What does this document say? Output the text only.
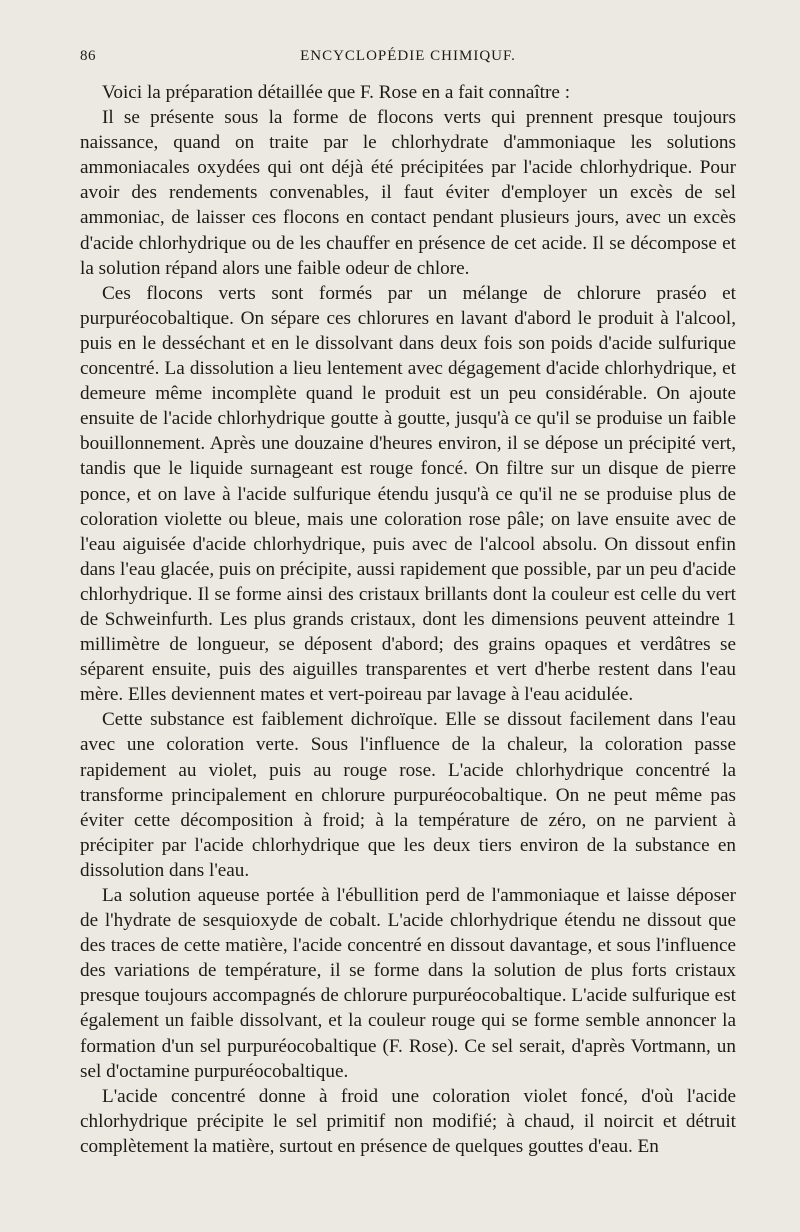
86	ENCYCLOPÉDIE CHIMIQUF.

Voici la préparation détaillée que F. Rose en a fait connaître :

Il se présente sous la forme de flocons verts qui prennent presque toujours naissance, quand on traite par le chlorhydrate d'ammoniaque les solutions ammoniacales oxydées qui ont déjà été précipitées par l'acide chlorhydrique. Pour avoir des rendements convenables, il faut éviter d'employer un excès de sel ammoniac, de laisser ces flocons en contact pendant plusieurs jours, avec un excès d'acide chlorhydrique ou de les chauffer en présence de cet acide. Il se décompose et la solution répand alors une faible odeur de chlore.

Ces flocons verts sont formés par un mélange de chlorure praséo et purpuréocobaltique. On sépare ces chlorures en lavant d'abord le produit à l'alcool, puis en le desséchant et en le dissolvant dans deux fois son poids d'acide sulfurique concentré. La dissolution a lieu lentement avec dégagement d'acide chlorhydrique, et demeure même incomplète quand le produit est un peu considérable. On ajoute ensuite de l'acide chlorhydrique goutte à goutte, jusqu'à ce qu'il se produise un faible bouillonnement. Après une douzaine d'heures environ, il se dépose un précipité vert, tandis que le liquide surnageant est rouge foncé. On filtre sur un disque de pierre ponce, et on lave à l'acide sulfurique étendu jusqu'à ce qu'il ne se produise plus de coloration violette ou bleue, mais une coloration rose pâle; on lave ensuite avec de l'eau aiguisée d'acide chlorhydrique, puis avec de l'alcool absolu. On dissout enfin dans l'eau glacée, puis on précipite, aussi rapidement que possible, par un peu d'acide chlorhydrique. Il se forme ainsi des cristaux brillants dont la couleur est celle du vert de Schweinfurth. Les plus grands cristaux, dont les dimensions peuvent atteindre 1 millimètre de longueur, se déposent d'abord; des grains opaques et verdâtres se séparent ensuite, puis des aiguilles transparentes et vert d'herbe restent dans l'eau mère. Elles deviennent mates et vert-poireau par lavage à l'eau acidulée.

Cette substance est faiblement dichroïque. Elle se dissout facilement dans l'eau avec une coloration verte. Sous l'influence de la chaleur, la coloration passe rapidement au violet, puis au rouge rose. L'acide chlorhydrique concentré la transforme principalement en chlorure purpuréocobaltique. On ne peut même pas éviter cette décomposition à froid; à la température de zéro, on ne parvient à précipiter par l'acide chlorhydrique que les deux tiers environ de la substance en dissolution dans l'eau.

La solution aqueuse portée à l'ébullition perd de l'ammoniaque et laisse déposer de l'hydrate de sesquioxyde de cobalt. L'acide chlorhydrique étendu ne dissout que des traces de cette matière, l'acide concentré en dissout davantage, et sous l'influence des variations de température, il se forme dans la solution de plus forts cristaux presque toujours accompagnés de chlorure purpuréocobaltique. L'acide sulfurique est également un faible dissolvant, et la couleur rouge qui se forme semble annoncer la formation d'un sel purpuréocobaltique (F. Rose). Ce sel serait, d'après Vortmann, un sel d'octamine purpuréocobaltique.

L'acide concentré donne à froid une coloration violet foncé, d'où l'acide chlorhydrique précipite le sel primitif non modifié; à chaud, il noircit et détruit complètement la matière, surtout en présence de quelques gouttes d'eau. En
